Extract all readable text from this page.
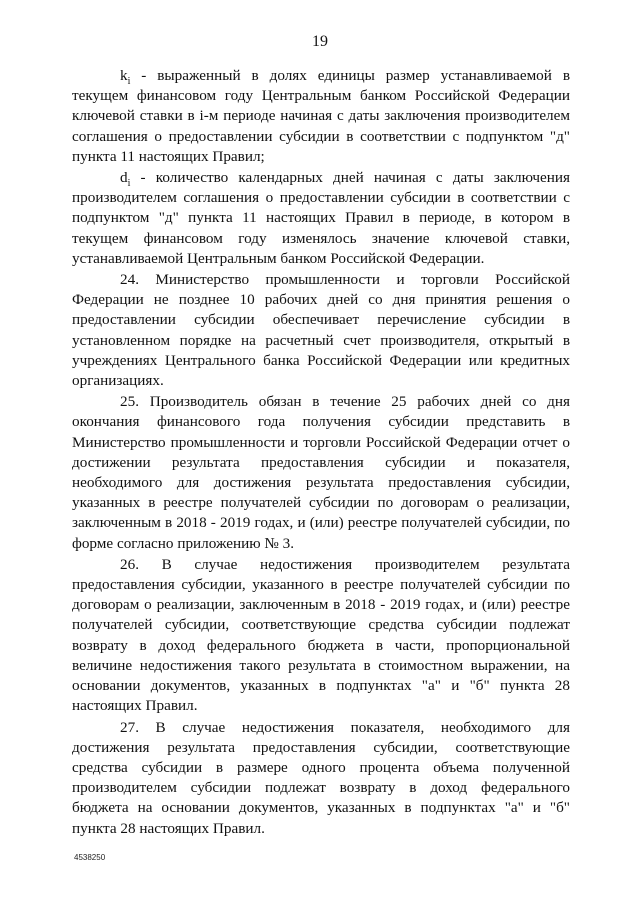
19

$k_i$ - выраженный в долях единицы размер устанавливаемой в текущем финансовом году Центральным банком Российской Федерации ключевой ставки в i-м периоде начиная с даты заключения производителем соглашения о предоставлении субсидии в соответствии с подпунктом "д" пункта 11 настоящих Правил;

$d_i$ - количество календарных дней начиная с даты заключения производителем соглашения о предоставлении субсидии в соответствии с подпунктом "д" пункта 11 настоящих Правил в периоде, в котором в текущем финансовом году изменялось значение ключевой ставки, устанавливаемой Центральным банком Российской Федерации.

24. Министерство промышленности и торговли Российской Федерации не позднее 10 рабочих дней со дня принятия решения о предоставлении субсидии обеспечивает перечисление субсидии в установленном порядке на расчетный счет производителя, открытый в учреждениях Центрального банка Российской Федерации или кредитных организациях.

25. Производитель обязан в течение 25 рабочих дней со дня окончания финансового года получения субсидии представить в Министерство промышленности и торговли Российской Федерации отчет о достижении результата предоставления субсидии и показателя, необходимого для достижения результата предоставления субсидии, указанных в реестре получателей субсидии по договорам о реализации, заключенным в 2018 - 2019 годах, и (или) реестре получателей субсидии, по форме согласно приложению № 3.

26. В случае недостижения производителем результата предоставления субсидии, указанного в реестре получателей субсидии по договорам о реализации, заключенным в 2018 - 2019 годах, и (или) реестре получателей субсидии, соответствующие средства субсидии подлежат возврату в доход федерального бюджета в части, пропорциональной величине недостижения такого результата в стоимостном выражении, на основании документов, указанных в подпунктах "а" и "б" пункта 28 настоящих Правил.

27. В случае недостижения показателя, необходимого для достижения результата предоставления субсидии, соответствующие средства субсидии в размере одного процента объема полученной производителем субсидии подлежат возврату в доход федерального бюджета на основании документов, указанных в подпунктах "а" и "б" пункта 28 настоящих Правил.

4538250
